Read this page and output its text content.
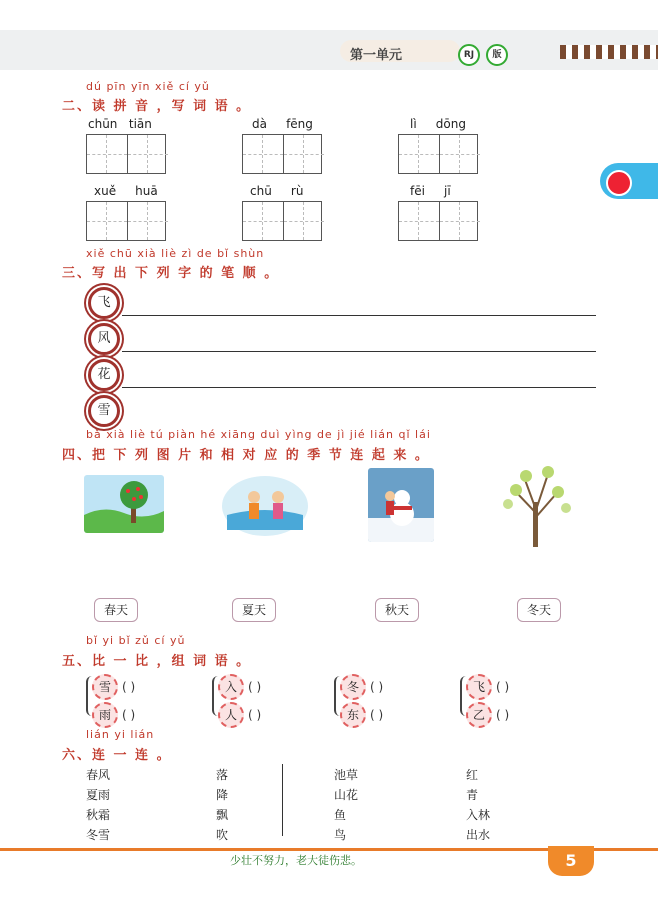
第一单元	RJ	版
dú pīn yīn xiě cí yǔ
二、读 拼 音 ，写 词 语 。
chūn tiān	dà fēng	lì dōng
xuě huā	chū rù	fēi jī
xiě chū xià liè zì de bǐ shùn
三、写 出 下 列 字 的 笔 顺 。
飞
风
花
雪
bǎ xià liè tú piàn hé xiāng duì yìng de jì jié lián qǐ lái
四、把 下 列 图 片 和 相 对 应 的 季 节 连 起 来 。
春天	夏天	秋天	冬天
bǐ yi bǐ zǔ cí yǔ
五、比 一 比 ，组 词 语 。
雪 ( )
雨 ( )
入 ( )
人 ( )
冬 ( )
东 ( )
飞 ( )
乙 ( )
lián yi lián
六、连 一 连 。
春风
夏雨
秋霜
冬雪
落
降
飘
吹
池草
山花
鱼
鸟
红
青
入林
出水
少壮不努力，老大徒伤悲。	5
